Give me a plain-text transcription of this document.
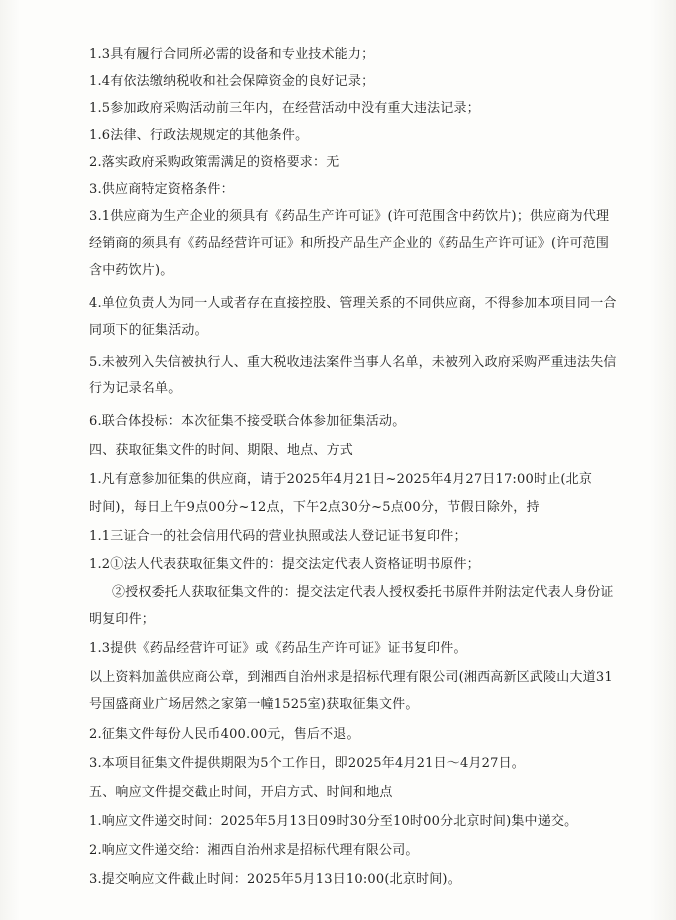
1.3具有履行合同所必需的设备和专业技术能力；
1.4有依法缴纳税收和社会保障资金的良好记录；
1.5参加政府采购活动前三年内，在经营活动中没有重大违法记录；
1.6法律、行政法规规定的其他条件。
2.落实政府采购政策需满足的资格要求：无
3.供应商特定资格条件：
3.1供应商为生产企业的须具有《药品生产许可证》(许可范围含中药饮片)；供应商为代理
经销商的须具有《药品经营许可证》和所投产品生产企业的《药品生产许可证》(许可范围
含中药饮片)。
4.单位负责人为同一人或者存在直接控股、管理关系的不同供应商，不得参加本项目同一合
同项下的征集活动。
5.未被列入失信被执行人、重大税收违法案件当事人名单，未被列入政府采购严重违法失信
行为记录名单。
6.联合体投标：本次征集不接受联合体参加征集活动。
四、获取征集文件的时间、期限、地点、方式
1.凡有意参加征集的供应商，请于2025年4月21日~2025年4月27日17:00时止(北京
时间)，每日上午9点00分~12点，下午2点30分~5点00分，节假日除外，持
1.1三证合一的社会信用代码的营业执照或法人登记证书复印件；
1.2①法人代表获取征集文件的：提交法定代表人资格证明书原件；
②授权委托人获取征集文件的：提交法定代表人授权委托书原件并附法定代表人身份证
明复印件；
1.3提供《药品经营许可证》或《药品生产许可证》证书复印件。
以上资料加盖供应商公章，到湘西自治州求是招标代理有限公司(湘西高新区武陵山大道31
号国盛商业广场居然之家第一幢1525室)获取征集文件。
2.征集文件每份人民币400.00元，售后不退。
3.本项目征集文件提供期限为5个工作日，即2025年4月21日～4月27日。
五、响应文件提交截止时间，开启方式、时间和地点
1.响应文件递交时间：2025年5月13日09时30分至10时00分北京时间)集中递交。
2.响应文件递交给：湘西自治州求是招标代理有限公司。
3.提交响应文件截止时间：2025年5月13日10:00(北京时间)。
